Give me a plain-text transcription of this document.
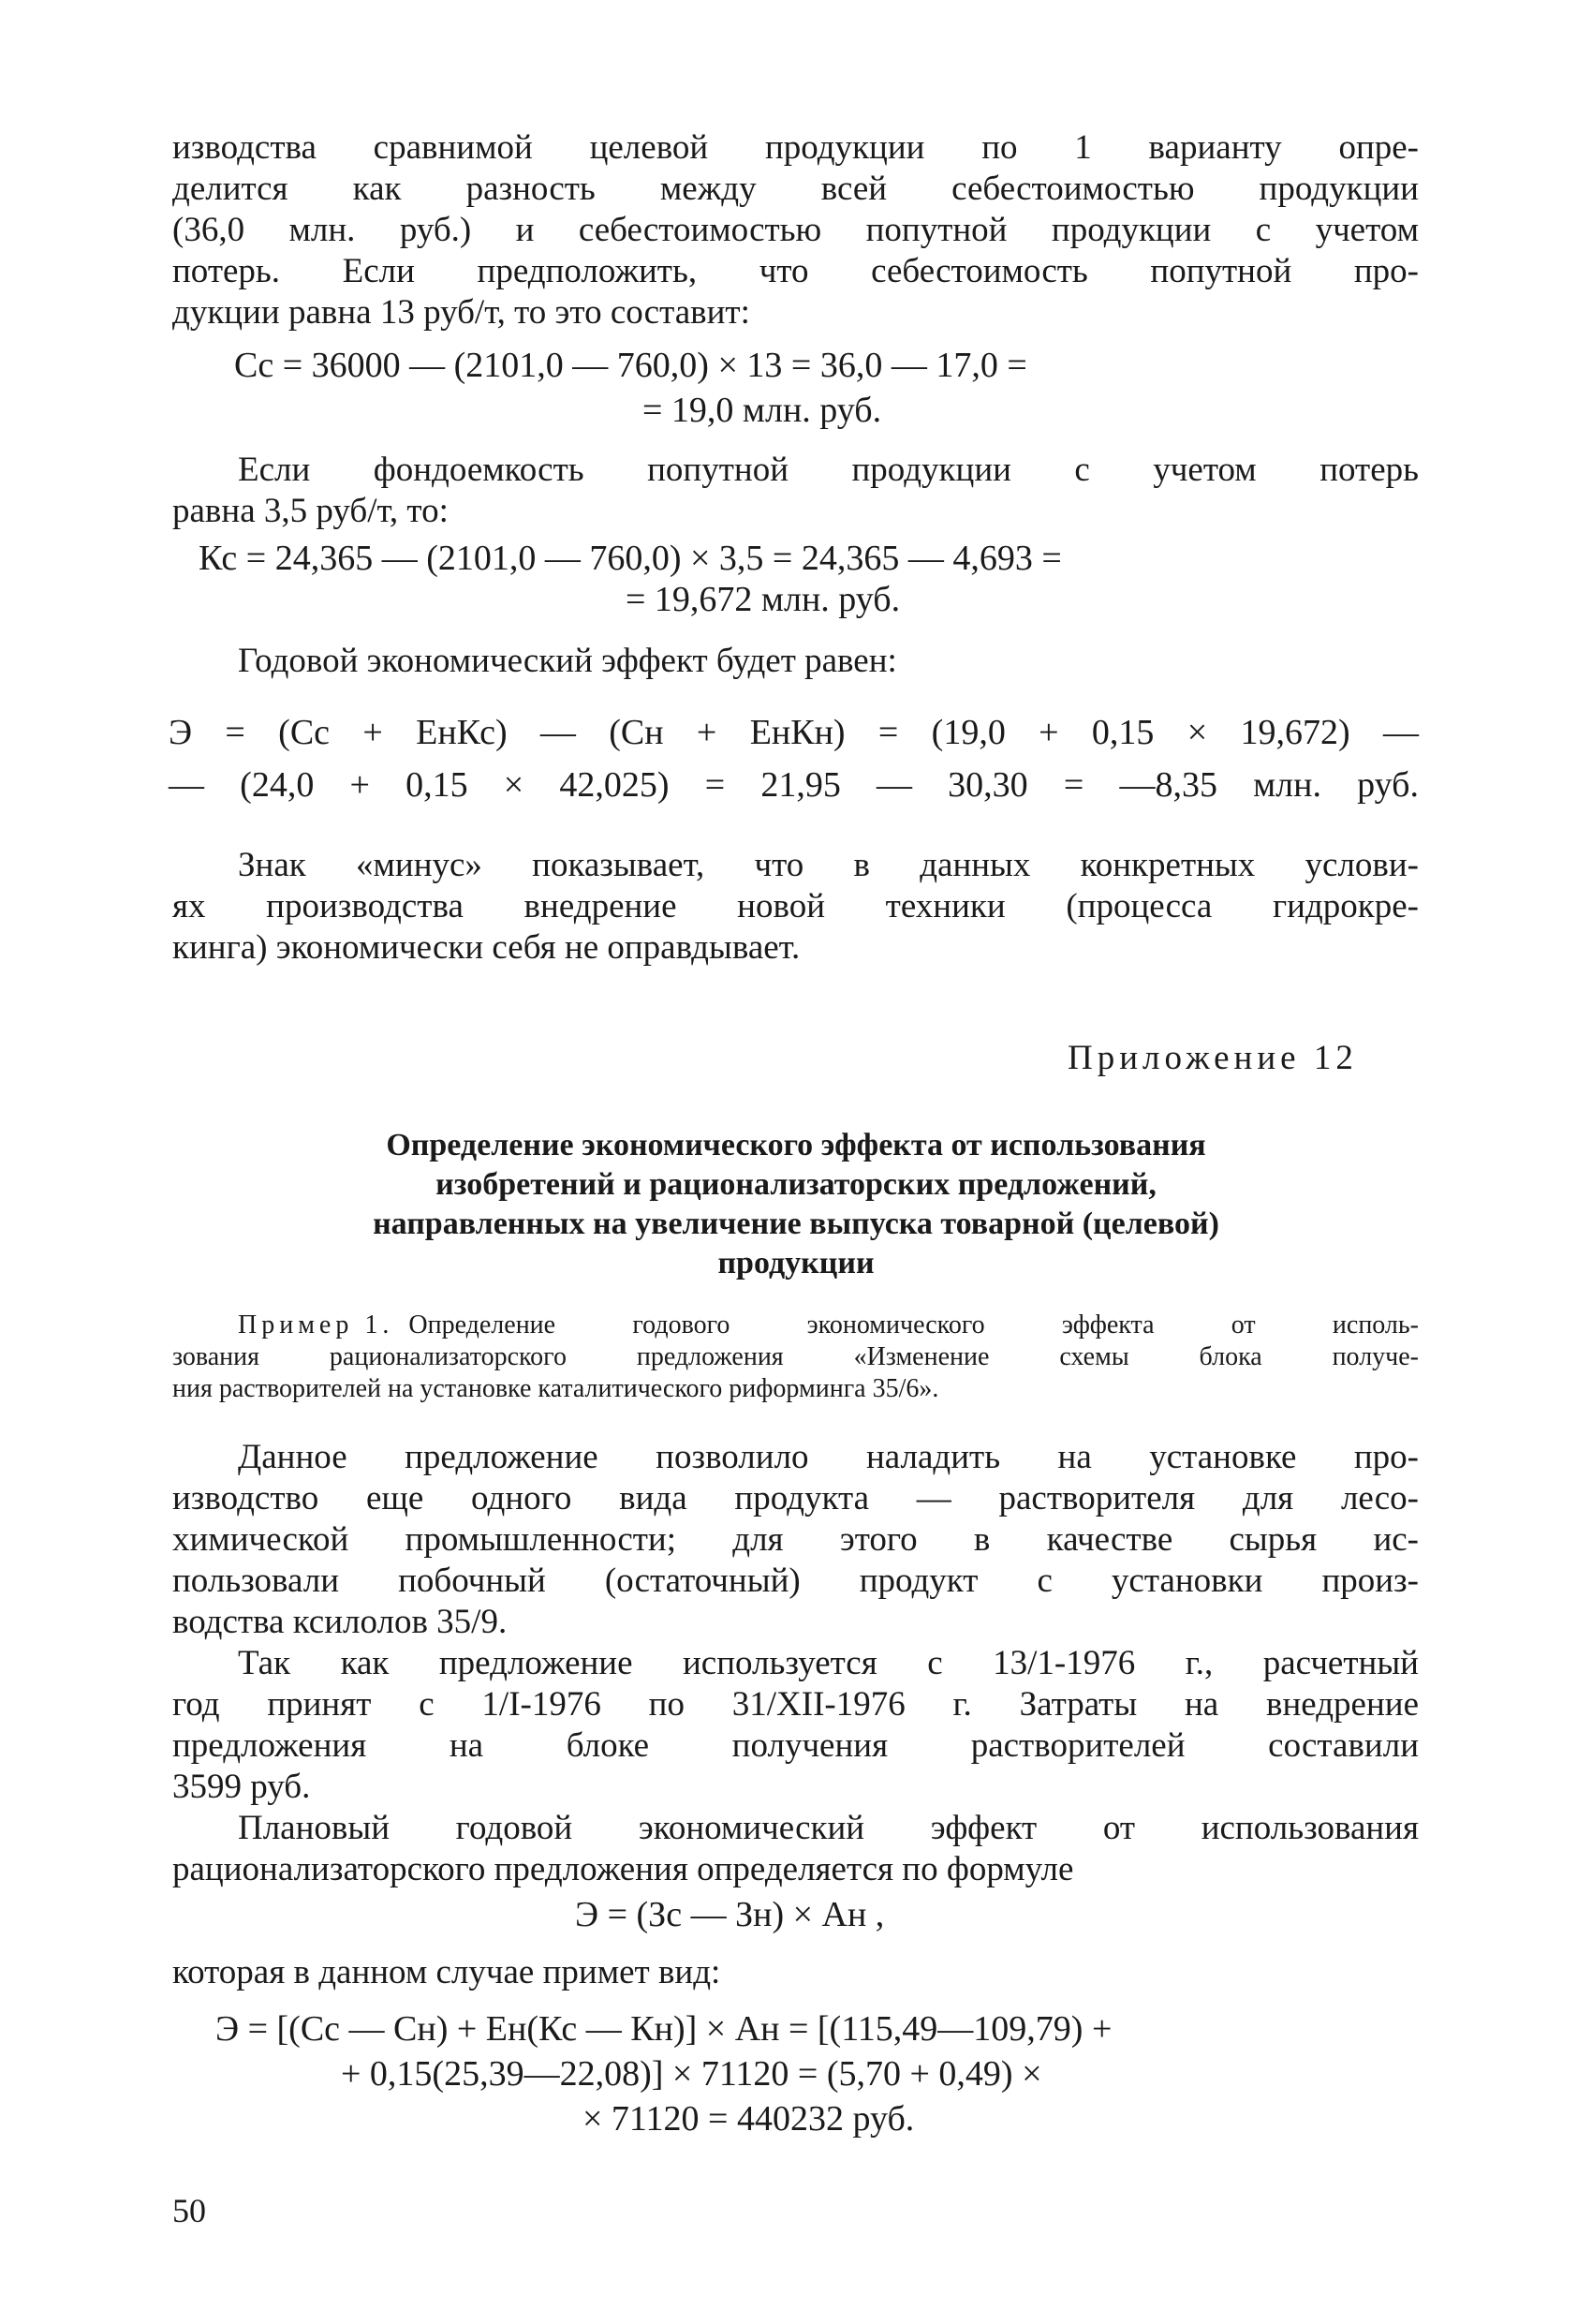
изводства сравнимой целевой продукции по 1 варианту опре-
делится как разность между всей себестоимостью продукции
(36,0 млн. руб.) и себестоимостью попутной продукции с учетом
потерь. Если предположить, что себестоимость попутной про-
дукции равна 13 руб/т, то это составит:
Cс = 36000 — (2101,0 — 760,0) × 13 = 36,0 — 17,0 =
= 19,0 млн. руб.
Если фондоемкость попутной продукции с учетом потерь
равна 3,5 руб/т, то:
Кс = 24,365 — (2101,0 — 760,0) × 3,5 = 24,365 — 4,693 =
= 19,672 млн. руб.
Годовой экономический эффект будет равен:
Э = (Cс + EнКс) — (Cн + EнКн) = (19,0 + 0,15 × 19,672) —
— (24,0 + 0,15 × 42,025) = 21,95 — 30,30 = —8,35 млн. руб.
Знак «минус» показывает, что в данных конкретных услови-
ях производства внедрение новой техники (процесса гидрокре-
кинга) экономически себя не оправдывает.
Приложение 12
Определение экономического эффекта от использования
изобретений и рационализаторских предложений,
направленных на увеличение выпуска товарной (целевой)
продукции
Пример 1. Определение годового экономического эффекта от исполь-
зования рационализаторского предложения «Изменение схемы блока получе-
ния растворителей на установке каталитического риформинга 35/6».
Данное предложение позволило наладить на установке про-
изводство еще одного вида продукта — растворителя для лесо-
химической промышленности; для этого в качестве сырья ис-
пользовали побочный (остаточный) продукт с установки произ-
водства ксилолов 35/9.
Так как предложение используется с 13/1-1976 г., расчетный
год принят с 1/I-1976 по 31/XII-1976 г. Затраты на внедрение
предложения на блоке получения растворителей составили
3599 руб.
Плановый годовой экономический эффект от использования
рационализаторского предложения определяется по формуле
Э = (Зс — Зн) × Ан ,
которая в данном случае примет вид:
Э = [(Cс — Cн) + Eн(Кс — Кн)] × Ан = [(115,49—109,79) +
+ 0,15(25,39—22,08)] × 71120 = (5,70 + 0,49) ×
× 71120 = 440232 руб.
50
